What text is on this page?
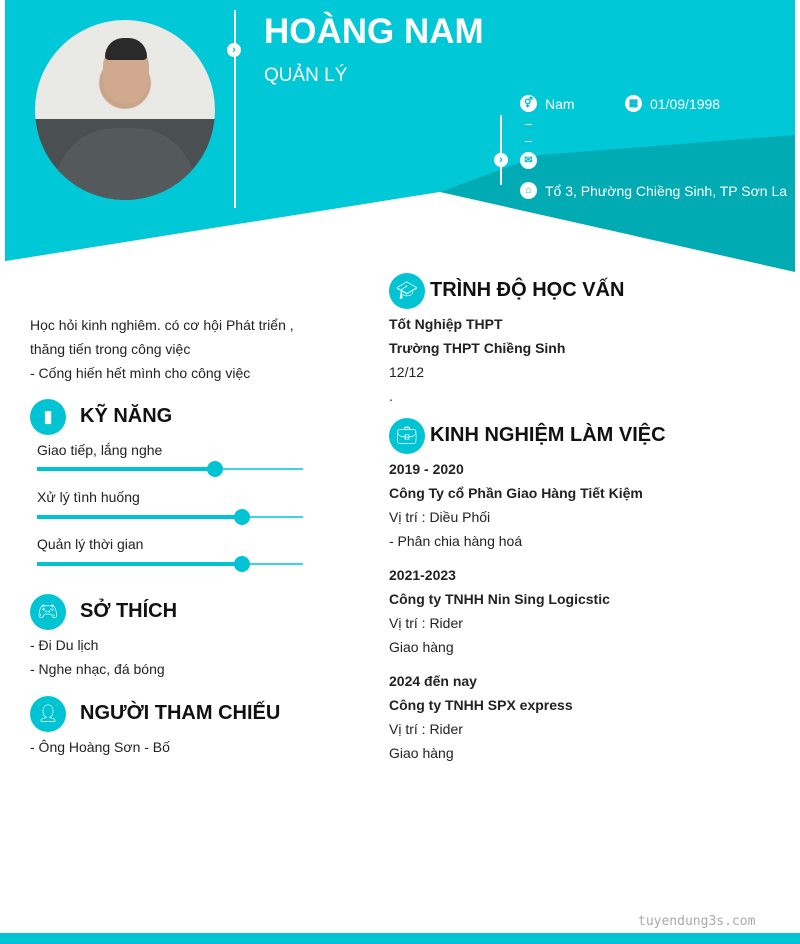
› HOÀNG NAM
QUẢN LÝ
⚥ Nam	▦ 01/09/1998
›	✉
⌂ Tổ 3, Phường Chiềng Sinh, TP Sơn La
Học hỏi kinh nghiêm. có cơ hội Phát triển ,
thăng tiến trong công việc
- Cống hiến hết mình cho công việc
▮	KỸ NĂNG
Giao tiếp, lắng nghe
Xử lý tình huống
Quản lý thời gian
🎮︎	SỞ THÍCH
- Đi Du lịch
- Nghe nhạc, đá bóng
👤︎	NGƯỜI THAM CHIẾU
- Ông Hoàng Sơn - Bố
🎓︎ TRÌNH ĐỘ HỌC VẤN
Tốt Nghiệp THPT
Trường THPT Chiềng Sinh
12/12
.
💼︎ KINH NGHIỆM LÀM VIỆC
2019 - 2020
Công Ty cổ Phần Giao Hàng Tiết Kiệm
Vị trí : Diều Phối
- Phân chia hàng hoá
2021-2023
Công ty TNHH Nin Sing Logicstic
Vị trí : Rider
Giao hàng
2024 đến nay
Công ty TNHH SPX express
Vị trí : Rider
Giao hàng
tuyendung3s.com
